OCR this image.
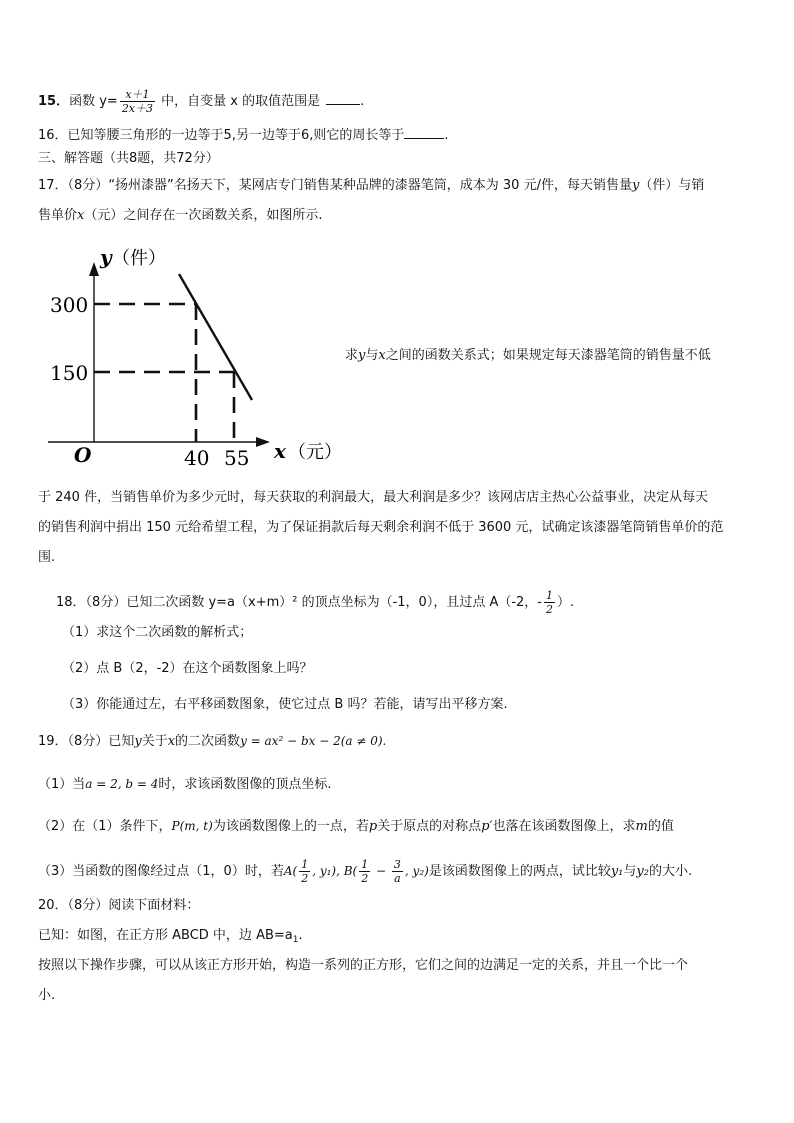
15．函数 $y= \frac{x+1}{2x+3}$ 中，自变量 x 的取值范围是	.
16．已知等腰三角形的一边等于5,另一边等于6,则它的周长等于	.
三、解答题（共8题，共72分）
17．（8分）“扬州漆器”名扬天下，某网店专门销售某种品牌的漆器笔筒，成本为 30 元/件，每天销售量y（件）与销
售单价x（元）之间存在一次函数关系，如图所示.
y （件）
300
150
O	40 55 x （元）
求y与x之间的函数关系式；如果规定每天漆器笔筒的销售量不低
于 240 件，当销售单价为多少元时，每天获取的利润最大，最大利润是多少？该网店店主热心公益事业，决定从每天
的销售利润中捐出 150 元给希望工程，为了保证捐款后每天剩余利润不低于 3600 元，试确定该漆器笔筒销售单价的范
围.
18．（8分）已知二次函数 y=a（x+m）² 的顶点坐标为（-1，0），且过点 A（-2，- $\frac{1}{2}$ ）.
（1）求这个二次函数的解析式；
（2）点 B（2，-2）在这个函数图象上吗？
（3）你能通过左，右平移函数图象，使它过点 B 吗？若能，请写出平移方案.
19．（8分）已知y关于x的二次函数y = ax² − bx − 2(a ≠ 0).
（1）当a = 2, b = 4时，求该函数图像的顶点坐标.
（2）在（1）条件下，P(m, t)为该函数图像上的一点，若p关于原点的对称点p′也落在该函数图像上，求m的值
（3）当函数的图像经过点（1，0）时，若$A( \frac{1}{2}$ , y₁), $B( \frac{1}{2} - \frac{3}{a}$ , y₂)是该函数图像上的两点，试比较y₁与y₂的大小.
20．（8分）阅读下面材料：
已知：如图，在正方形 ABCD 中，边 $AB=a_1$.
按照以下操作步骤，可以从该正方形开始，构造一系列的正方形，它们之间的边满足一定的关系，并且一个比一个
小.
